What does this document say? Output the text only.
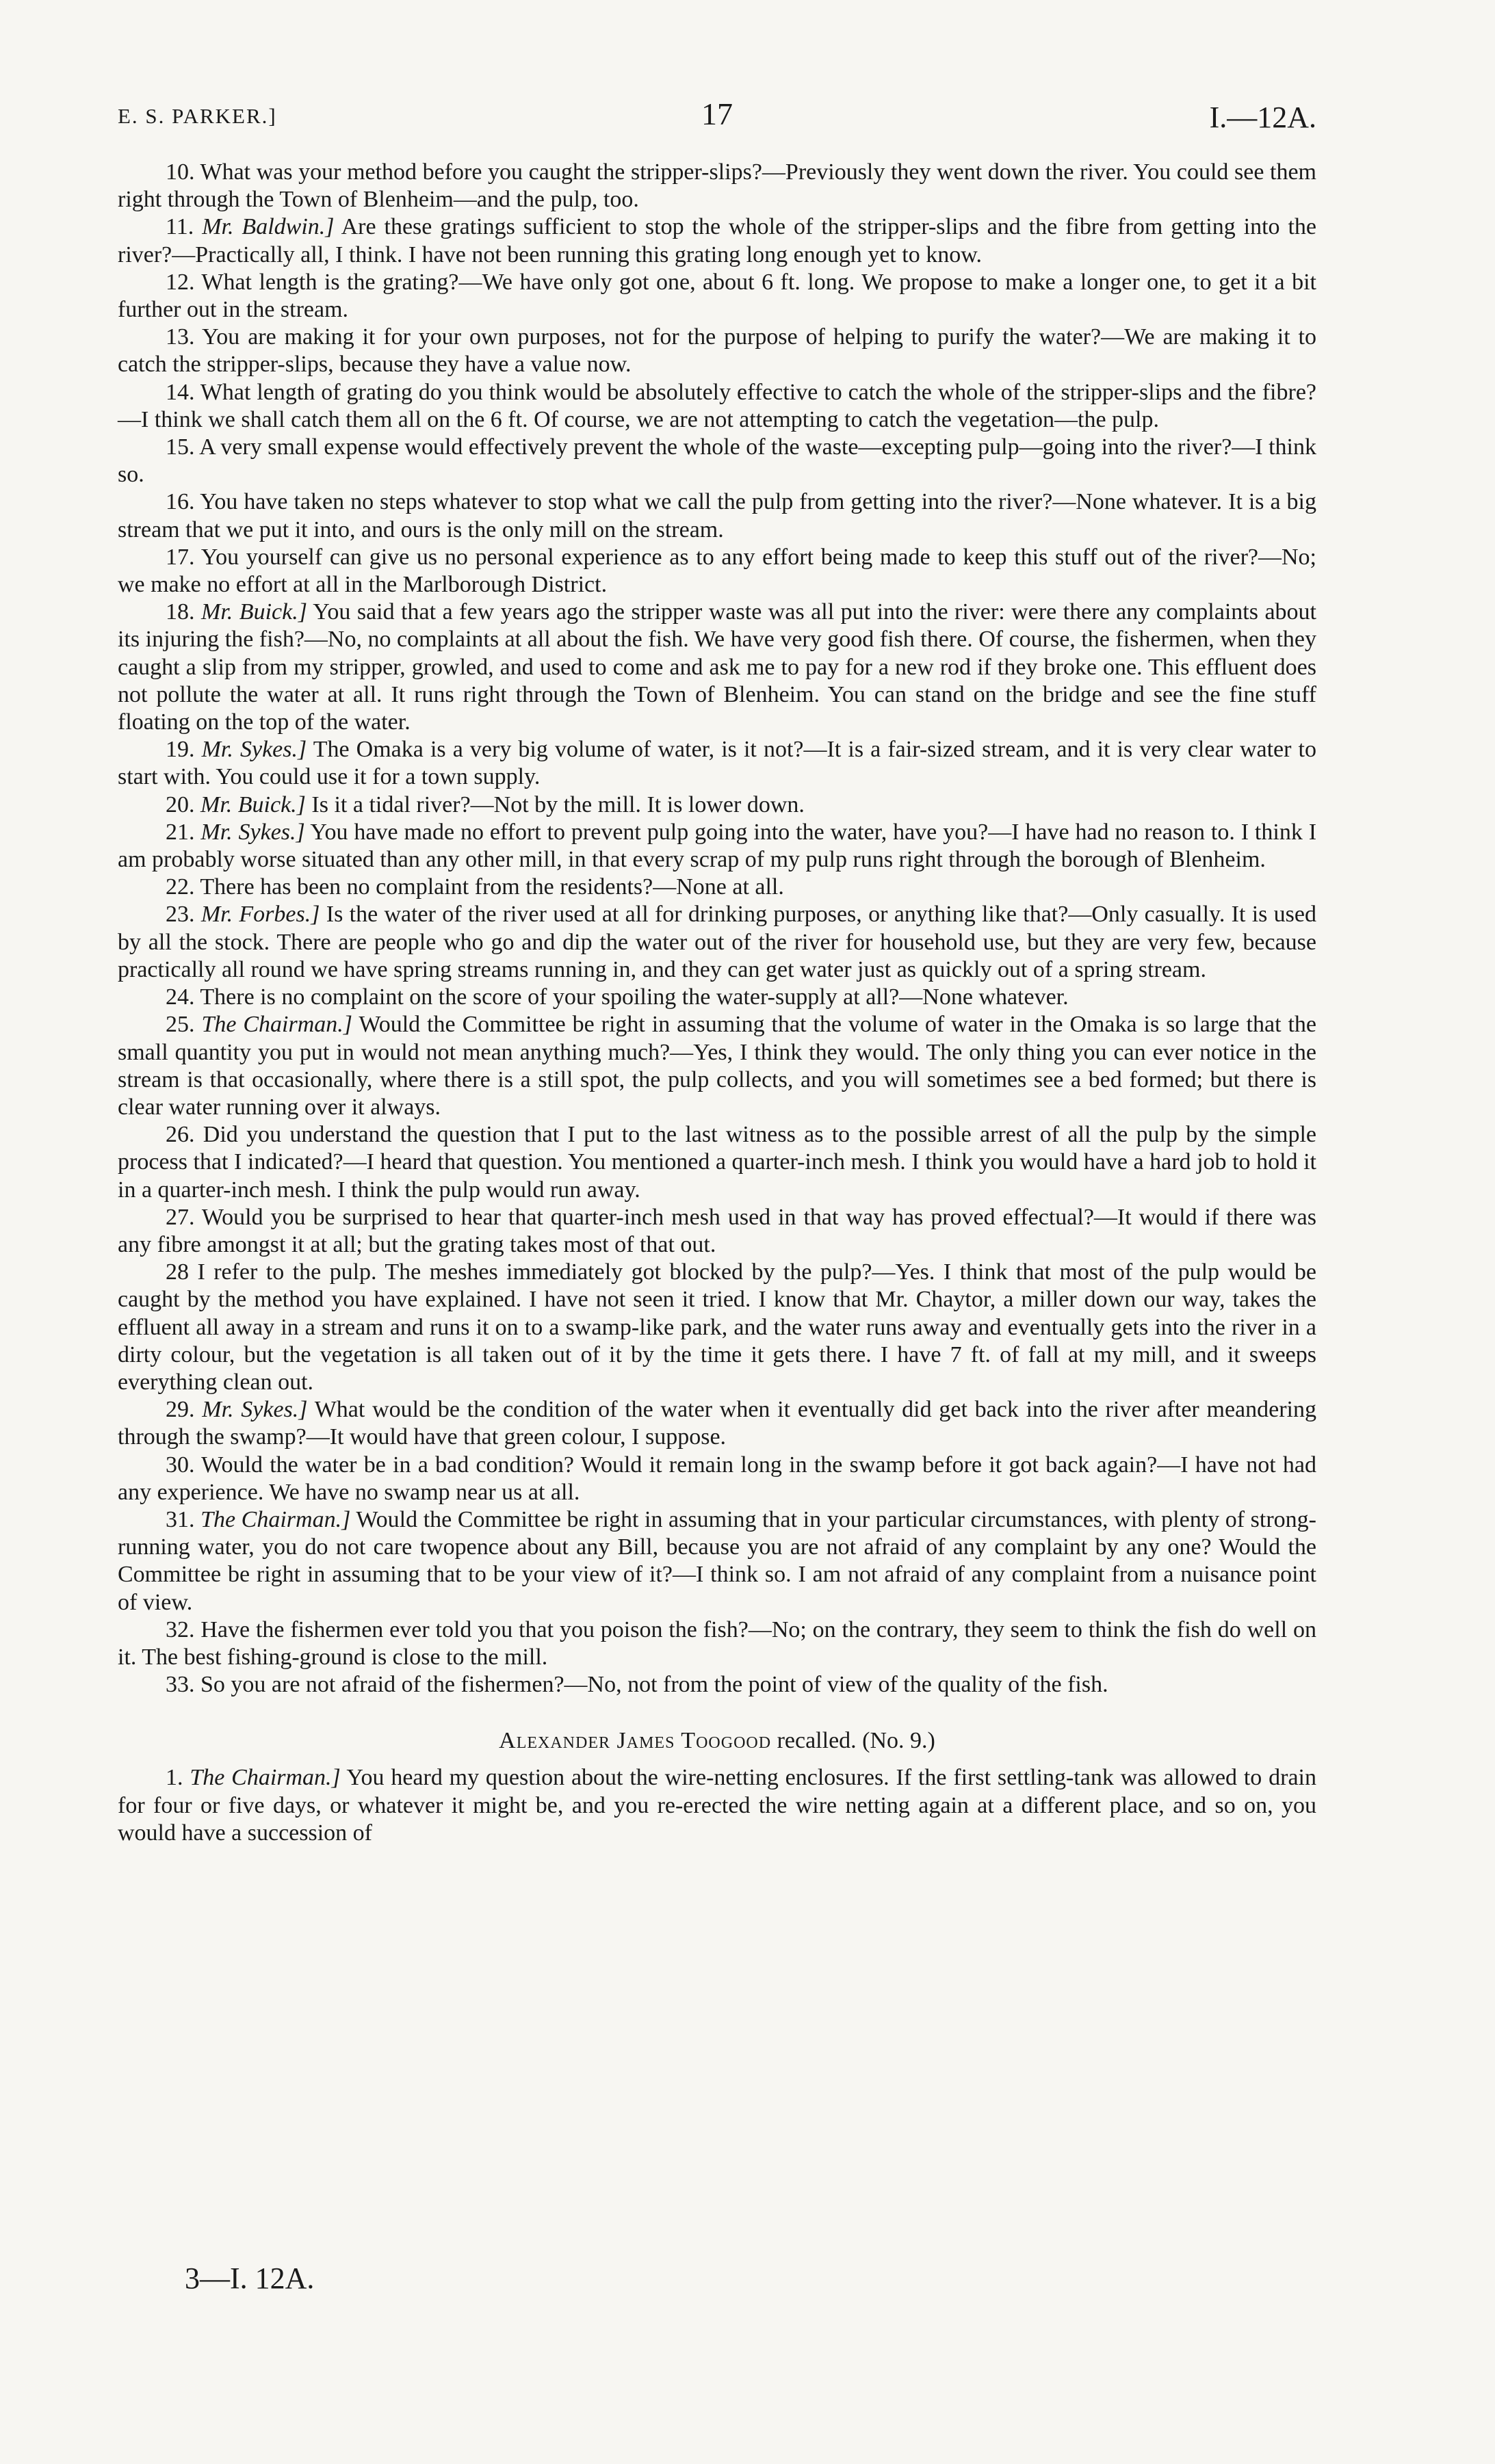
E. S. PARKER.]	17	I.—12A.

10. What was your method before you caught the stripper-slips?—Previously they went down the river. You could see them right through the Town of Blenheim—and the pulp, too.

11. Mr. Baldwin.] Are these gratings sufficient to stop the whole of the stripper-slips and the fibre from getting into the river?—Practically all, I think. I have not been running this grating long enough yet to know.

12. What length is the grating?—We have only got one, about 6 ft. long. We propose to make a longer one, to get it a bit further out in the stream.

13. You are making it for your own purposes, not for the purpose of helping to purify the water?—We are making it to catch the stripper-slips, because they have a value now.

14. What length of grating do you think would be absolutely effective to catch the whole of the stripper-slips and the fibre?—I think we shall catch them all on the 6 ft. Of course, we are not attempting to catch the vegetation—the pulp.

15. A very small expense would effectively prevent the whole of the waste—excepting pulp—going into the river?—I think so.

16. You have taken no steps whatever to stop what we call the pulp from getting into the river?—None whatever. It is a big stream that we put it into, and ours is the only mill on the stream.

17. You yourself can give us no personal experience as to any effort being made to keep this stuff out of the river?—No; we make no effort at all in the Marlborough District.

18. Mr. Buick.] You said that a few years ago the stripper waste was all put into the river: were there any complaints about its injuring the fish?—No, no complaints at all about the fish. We have very good fish there. Of course, the fishermen, when they caught a slip from my stripper, growled, and used to come and ask me to pay for a new rod if they broke one. This effluent does not pollute the water at all. It runs right through the Town of Blenheim. You can stand on the bridge and see the fine stuff floating on the top of the water.

19. Mr. Sykes.] The Omaka is a very big volume of water, is it not?—It is a fair-sized stream, and it is very clear water to start with. You could use it for a town supply.

20. Mr. Buick.] Is it a tidal river?—Not by the mill. It is lower down.

21. Mr. Sykes.] You have made no effort to prevent pulp going into the water, have you?—I have had no reason to. I think I am probably worse situated than any other mill, in that every scrap of my pulp runs right through the borough of Blenheim.

22. There has been no complaint from the residents?—None at all.

23. Mr. Forbes.] Is the water of the river used at all for drinking purposes, or anything like that?—Only casually. It is used by all the stock. There are people who go and dip the water out of the river for household use, but they are very few, because practically all round we have spring streams running in, and they can get water just as quickly out of a spring stream.

24. There is no complaint on the score of your spoiling the water-supply at all?—None whatever.

25. The Chairman.] Would the Committee be right in assuming that the volume of water in the Omaka is so large that the small quantity you put in would not mean anything much?—Yes, I think they would. The only thing you can ever notice in the stream is that occasionally, where there is a still spot, the pulp collects, and you will sometimes see a bed formed; but there is clear water running over it always.

26. Did you understand the question that I put to the last witness as to the possible arrest of all the pulp by the simple process that I indicated?—I heard that question. You mentioned a quarter-inch mesh. I think you would have a hard job to hold it in a quarter-inch mesh. I think the pulp would run away.

27. Would you be surprised to hear that quarter-inch mesh used in that way has proved effectual?—It would if there was any fibre amongst it at all; but the grating takes most of that out.

28 I refer to the pulp. The meshes immediately got blocked by the pulp?—Yes. I think that most of the pulp would be caught by the method you have explained. I have not seen it tried. I know that Mr. Chaytor, a miller down our way, takes the effluent all away in a stream and runs it on to a swamp-like park, and the water runs away and eventually gets into the river in a dirty colour, but the vegetation is all taken out of it by the time it gets there. I have 7 ft. of fall at my mill, and it sweeps everything clean out.

29. Mr. Sykes.] What would be the condition of the water when it eventually did get back into the river after meandering through the swamp?—It would have that green colour, I suppose.

30. Would the water be in a bad condition? Would it remain long in the swamp before it got back again?—I have not had any experience. We have no swamp near us at all.

31. The Chairman.] Would the Committee be right in assuming that in your particular circumstances, with plenty of strong-running water, you do not care twopence about any Bill, because you are not afraid of any complaint by any one? Would the Committee be right in assuming that to be your view of it?—I think so. I am not afraid of any complaint from a nuisance point of view.

32. Have the fishermen ever told you that you poison the fish?—No; on the contrary, they seem to think the fish do well on it. The best fishing-ground is close to the mill.

33. So you are not afraid of the fishermen?—No, not from the point of view of the quality of the fish.

Alexander James Toogood recalled. (No. 9.)

1. The Chairman.] You heard my question about the wire-netting enclosures. If the first settling-tank was allowed to drain for four or five days, or whatever it might be, and you re-erected the wire netting again at a different place, and so on, you would have a succession of

3—I. 12A.
